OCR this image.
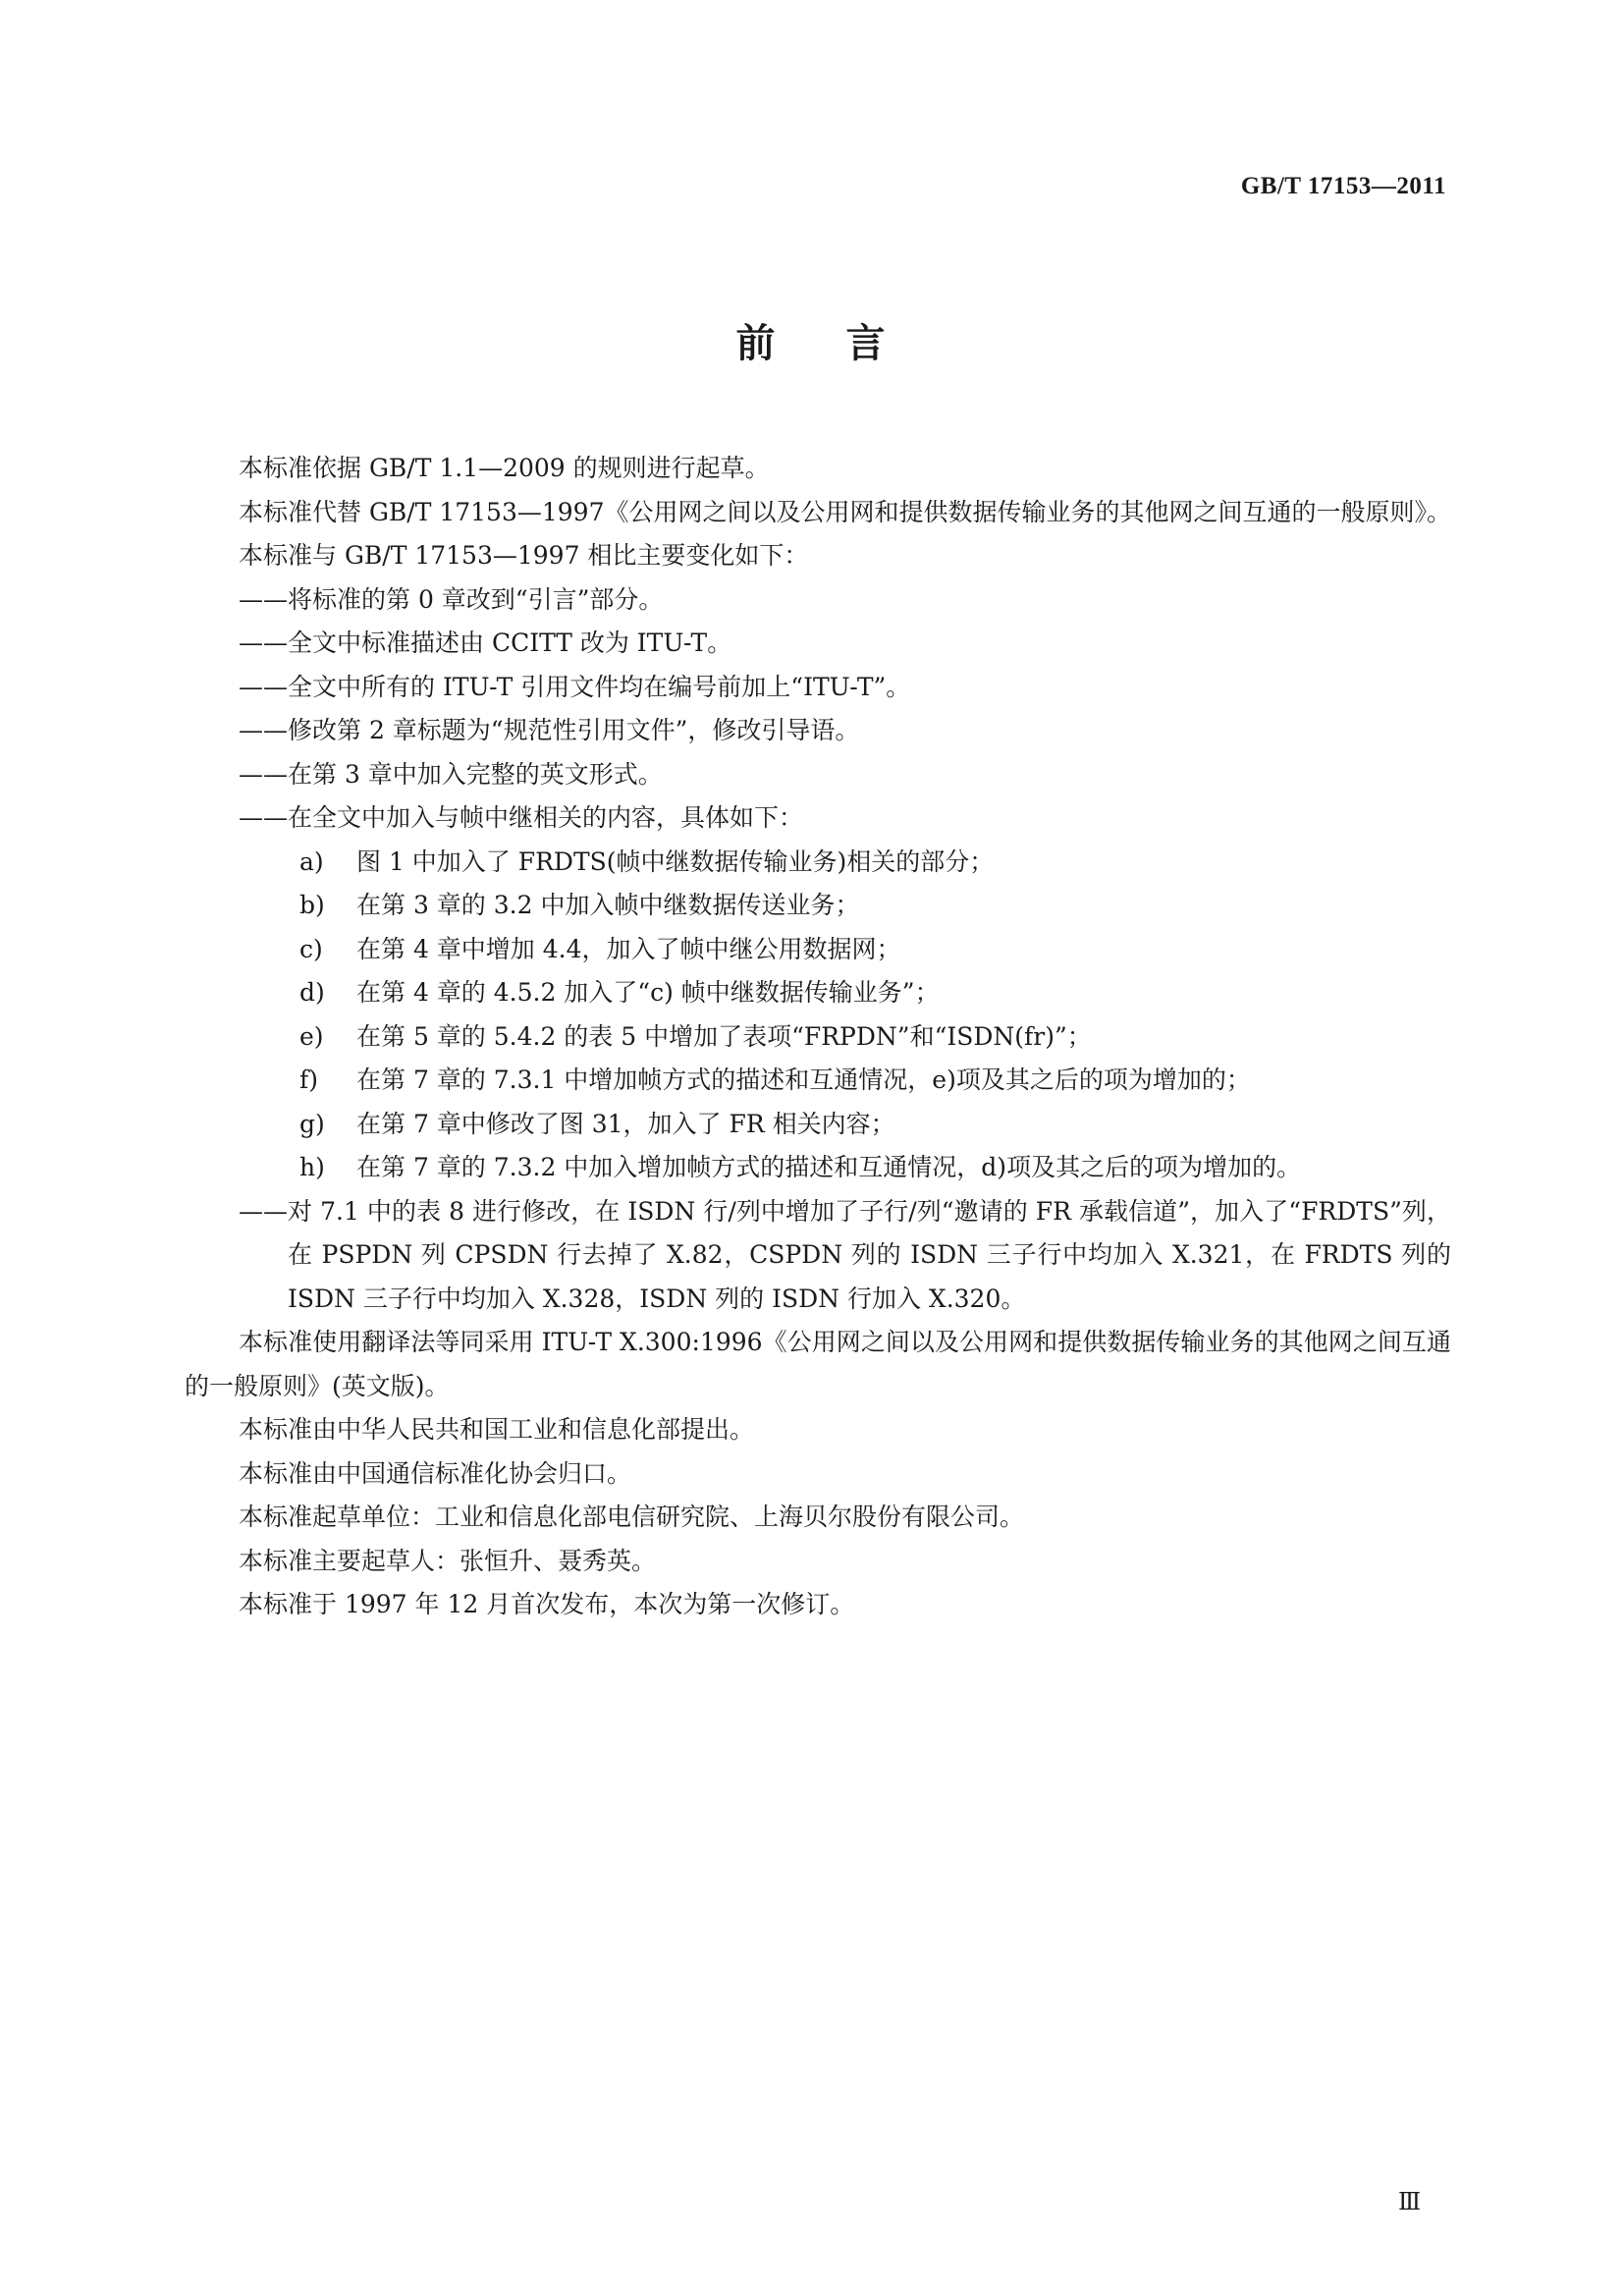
GB/T 17153—2011
前 言

本标准依据 GB/T 1.1—2009 的规则进行起草。

本标准代替 GB/T 17153—1997《公用网之间以及公用网和提供数据传输业务的其他网之间互通的一般原则》。

本标准与 GB/T 17153—1997 相比主要变化如下：

——将标准的第 0 章改到“引言”部分。

——全文中标准描述由 CCITT 改为 ITU-T。

——全文中所有的 ITU-T 引用文件均在编号前加上“ITU-T”。

——修改第 2 章标题为“规范性引用文件”，修改引导语。

——在第 3 章中加入完整的英文形式。

——在全文中加入与帧中继相关的内容，具体如下：

a) 图 1 中加入了 FRDTS(帧中继数据传输业务)相关的部分；

b) 在第 3 章的 3.2 中加入帧中继数据传送业务；

c) 在第 4 章中增加 4.4，加入了帧中继公用数据网；

d) 在第 4 章的 4.5.2 加入了“c) 帧中继数据传输业务”；

e) 在第 5 章的 5.4.2 的表 5 中增加了表项“FRPDN”和“ISDN(fr)”；

f) 在第 7 章的 7.3.1 中增加帧方式的描述和互通情况，e)项及其之后的项为增加的；

g) 在第 7 章中修改了图 31，加入了 FR 相关内容；

h) 在第 7 章的 7.3.2 中加入增加帧方式的描述和互通情况，d)项及其之后的项为增加的。

——对 7.1 中的表 8 进行修改，在 ISDN 行/列中增加了子行/列“邀请的 FR 承载信道”，加入了“FRDTS”列，在 PSPDN 列 CPSDN 行去掉了 X.82，CSPDN 列的 ISDN 三子行中均加入 X.321，在 FRDTS 列的 ISDN 三子行中均加入 X.328，ISDN 列的 ISDN 行加入 X.320。

本标准使用翻译法等同采用 ITU-T X.300:1996《公用网之间以及公用网和提供数据传输业务的其他网之间互通的一般原则》(英文版)。

本标准由中华人民共和国工业和信息化部提出。

本标准由中国通信标准化协会归口。

本标准起草单位：工业和信息化部电信研究院、上海贝尔股份有限公司。

本标准主要起草人：张恒升、聂秀英。

本标准于 1997 年 12 月首次发布，本次为第一次修订。

Ⅲ
